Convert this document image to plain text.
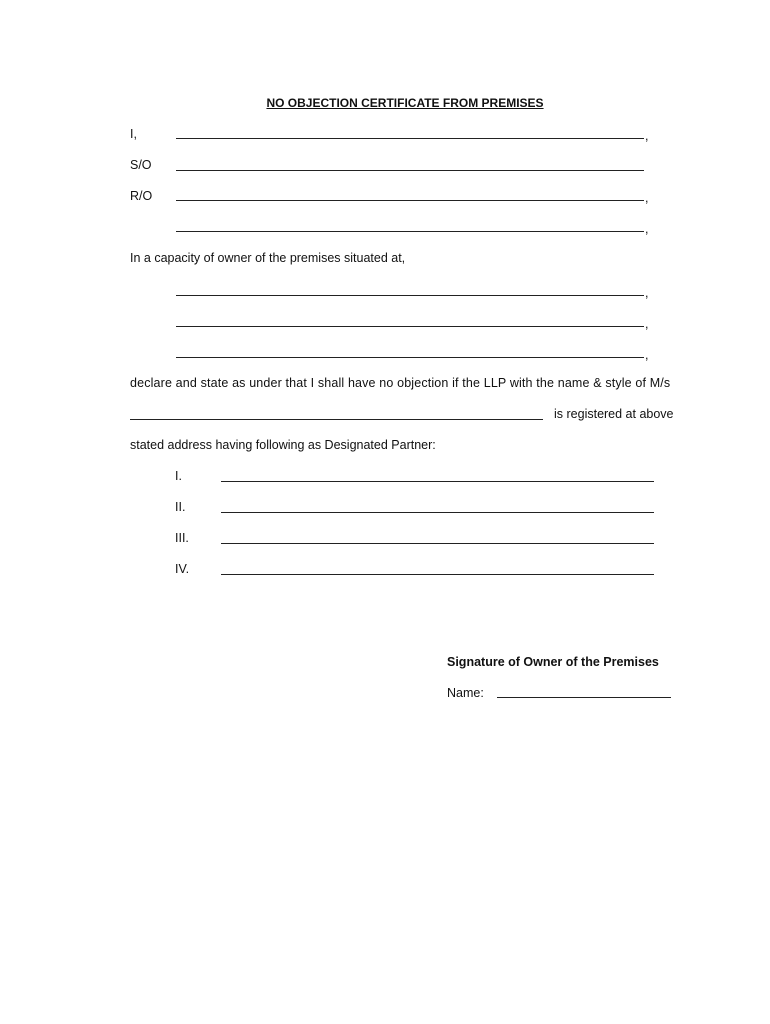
NO OBJECTION CERTIFICATE FROM PREMISES
I,	,
S/O
R/O	,
,
In a capacity of owner of the premises situated at,
,
,
,
declare and state as under that I shall have no objection if the LLP with the name & style of M/s
is registered at above
stated address having following as Designated Partner:
I.
II.
III.
IV.
Signature of Owner of the Premises
Name:
